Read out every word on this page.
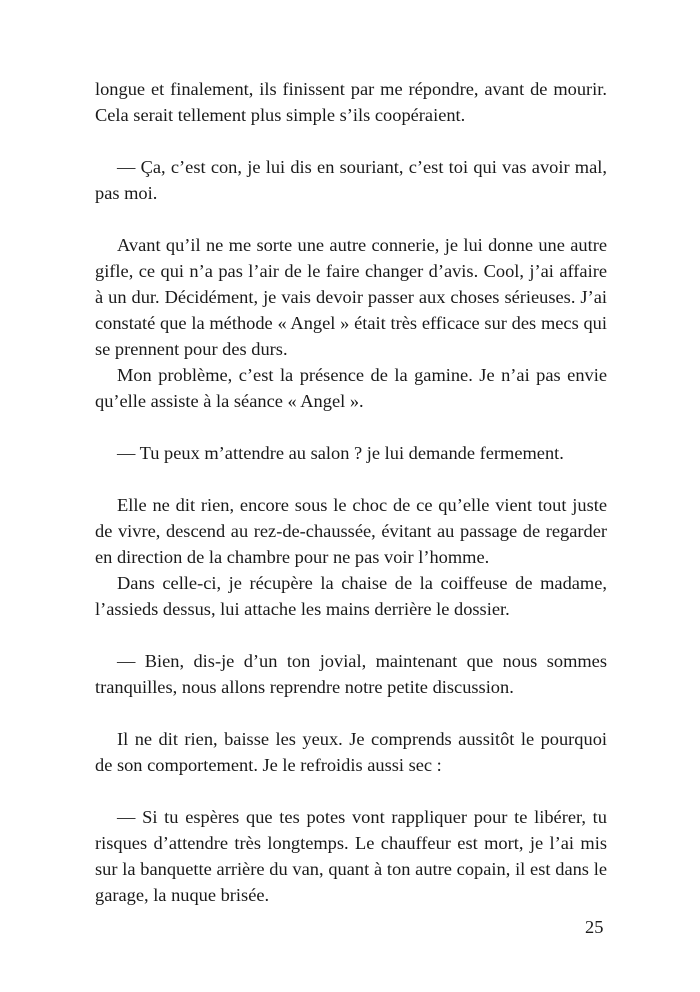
longue et finalement, ils finissent par me répondre, avant de mourir. Cela serait tellement plus simple s’ils coopéraient.

— Ça, c’est con, je lui dis en souriant, c’est toi qui vas avoir mal, pas moi.

Avant qu’il ne me sorte une autre connerie, je lui donne une autre gifle, ce qui n’a pas l’air de le faire changer d’avis. Cool, j’ai affaire à un dur. Décidément, je vais devoir passer aux choses sérieuses. J’ai constaté que la méthode « Angel » était très efficace sur des mecs qui se prennent pour des durs.

Mon problème, c’est la présence de la gamine. Je n’ai pas envie qu’elle assiste à la séance « Angel ».

— Tu peux m’attendre au salon ? je lui demande fermement.

Elle ne dit rien, encore sous le choc de ce qu’elle vient tout juste de vivre, descend au rez-de-chaussée, évitant au passage de regarder en direction de la chambre pour ne pas voir l’homme.

Dans celle-ci, je récupère la chaise de la coiffeuse de madame, l’assieds dessus, lui attache les mains derrière le dossier.

— Bien, dis-je d’un ton jovial, maintenant que nous sommes tranquilles, nous allons reprendre notre petite discussion.

Il ne dit rien, baisse les yeux. Je comprends aussitôt le pourquoi de son comportement. Je le refroidis aussi sec :

— Si tu espères que tes potes vont rappliquer pour te libérer, tu risques d’attendre très longtemps. Le chauffeur est mort, je l’ai mis sur la banquette arrière du van, quant à ton autre copain, il est dans le garage, la nuque brisée.

25
